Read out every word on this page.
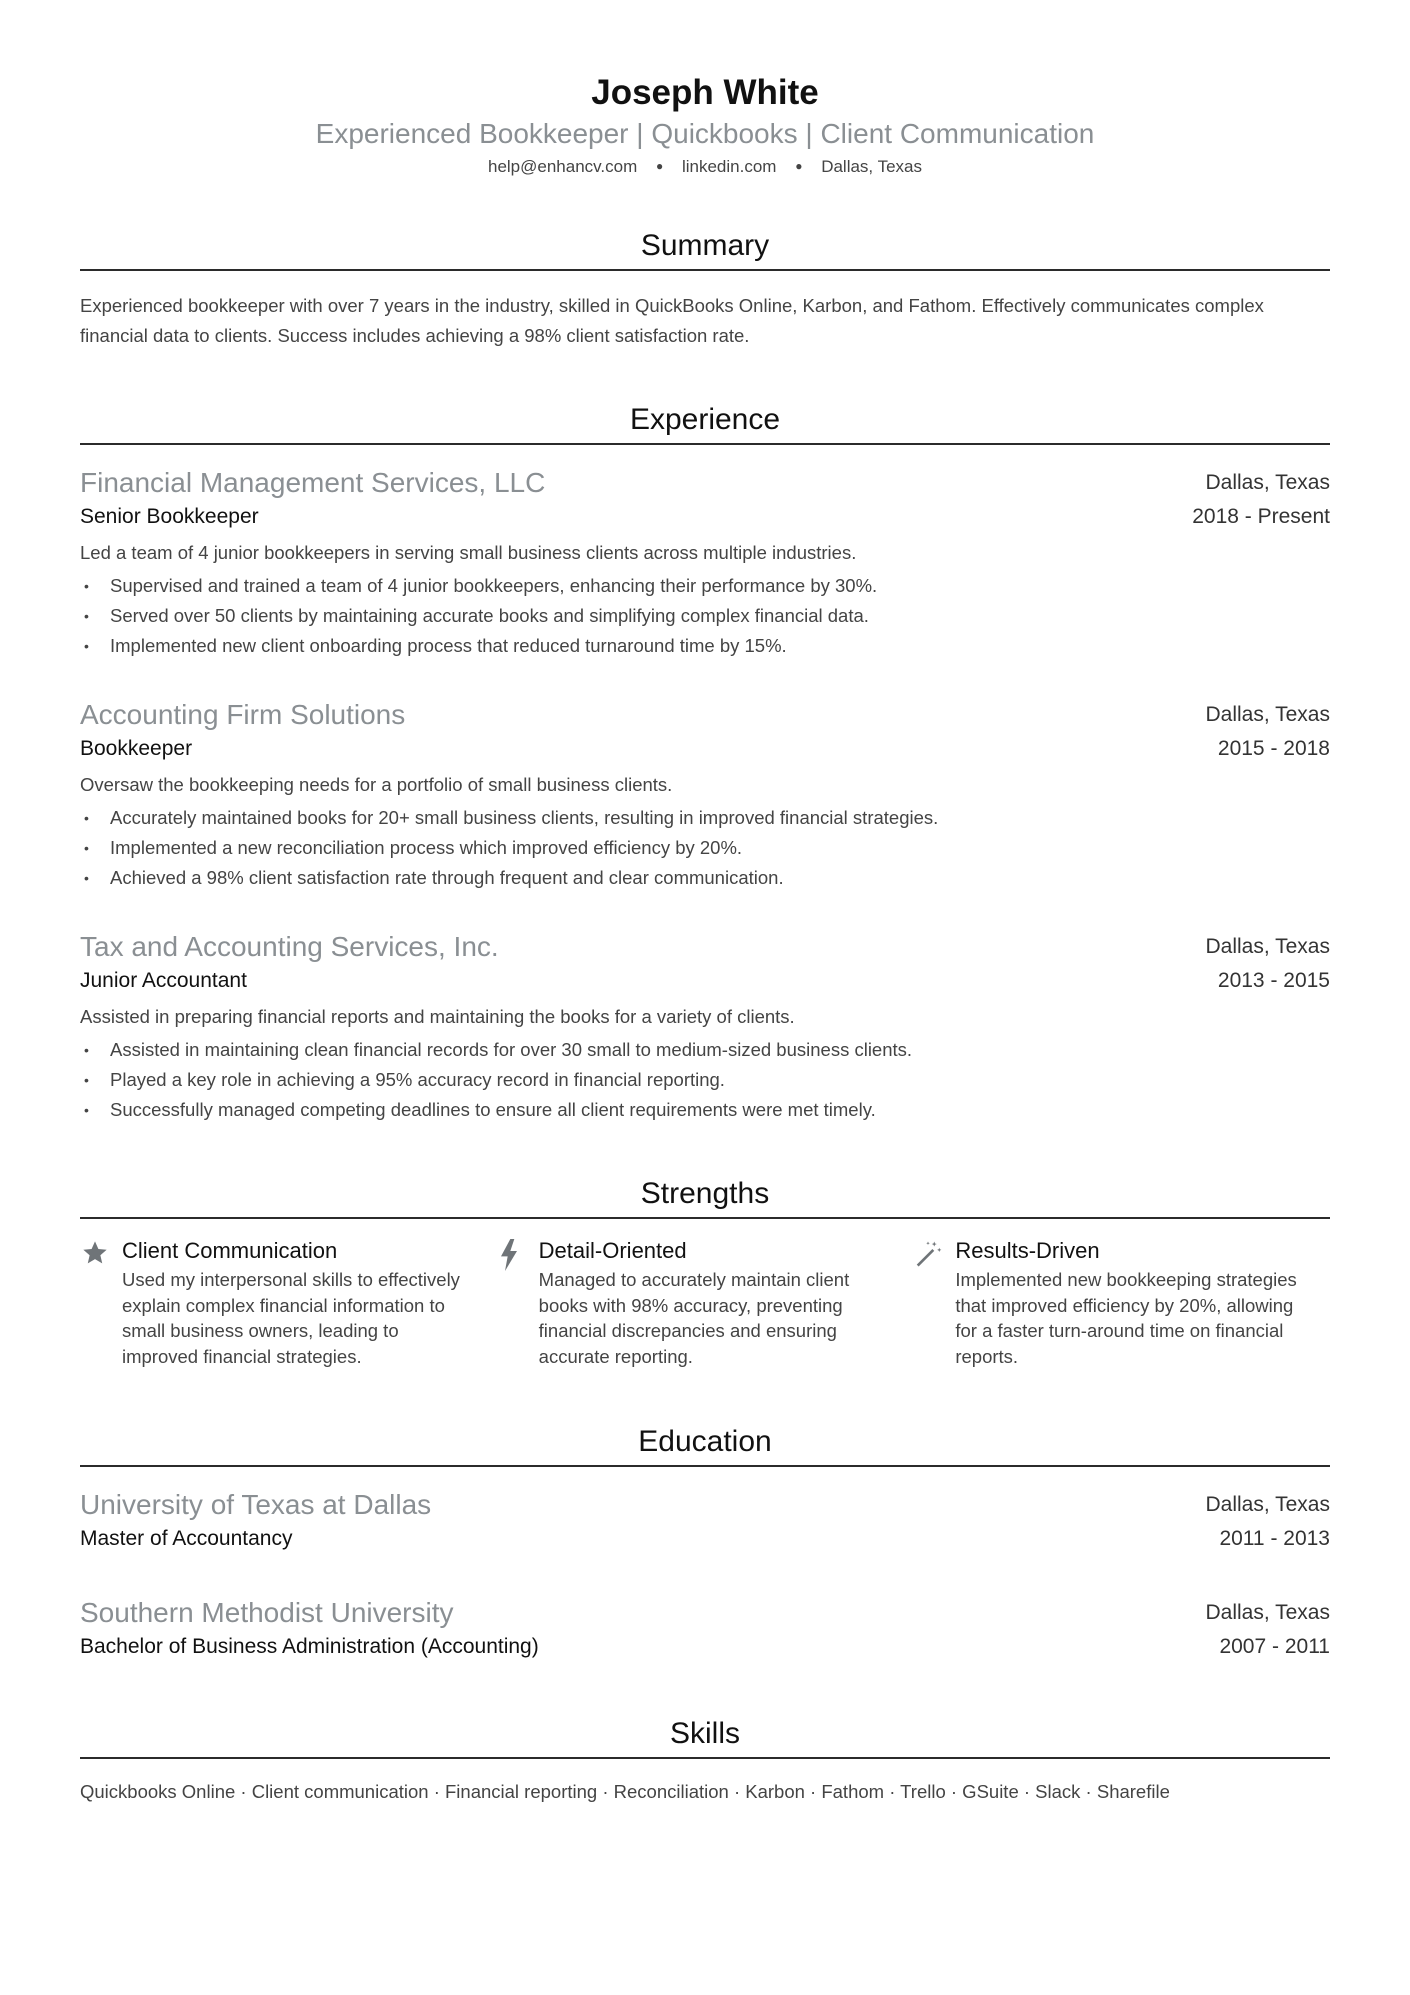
Joseph White
Experienced Bookkeeper | Quickbooks | Client Communication
help@enhancv.com ● linkedin.com ● Dallas, Texas
Summary
Experienced bookkeeper with over 7 years in the industry, skilled in QuickBooks Online, Karbon, and Fathom. Effectively communicates complex financial data to clients. Success includes achieving a 98% client satisfaction rate.
Experience
Financial Management Services, LLC
Senior Bookkeeper
Dallas, Texas
2018 - Present
Led a team of 4 junior bookkeepers in serving small business clients across multiple industries.
• Supervised and trained a team of 4 junior bookkeepers, enhancing their performance by 30%.
• Served over 50 clients by maintaining accurate books and simplifying complex financial data.
• Implemented new client onboarding process that reduced turnaround time by 15%.
Accounting Firm Solutions
Bookkeeper
Dallas, Texas
2015 - 2018
Oversaw the bookkeeping needs for a portfolio of small business clients.
• Accurately maintained books for 20+ small business clients, resulting in improved financial strategies.
• Implemented a new reconciliation process which improved efficiency by 20%.
• Achieved a 98% client satisfaction rate through frequent and clear communication.
Tax and Accounting Services, Inc.
Junior Accountant
Dallas, Texas
2013 - 2015
Assisted in preparing financial reports and maintaining the books for a variety of clients.
• Assisted in maintaining clean financial records for over 30 small to medium-sized business clients.
• Played a key role in achieving a 95% accuracy record in financial reporting.
• Successfully managed competing deadlines to ensure all client requirements were met timely.
Strengths
Client Communication
Used my interpersonal skills to effectively explain complex financial information to small business owners, leading to improved financial strategies.
Detail-Oriented
Managed to accurately maintain client books with 98% accuracy, preventing financial discrepancies and ensuring accurate reporting.
Results-Driven
Implemented new bookkeeping strategies that improved efficiency by 20%, allowing for a faster turn-around time on financial reports.
Education
University of Texas at Dallas
Master of Accountancy
Dallas, Texas
2011 - 2013
Southern Methodist University
Bachelor of Business Administration (Accounting)
Dallas, Texas
2007 - 2011
Skills
Quickbooks Online · Client communication · Financial reporting · Reconciliation · Karbon · Fathom · Trello · GSuite · Slack · Sharefile
